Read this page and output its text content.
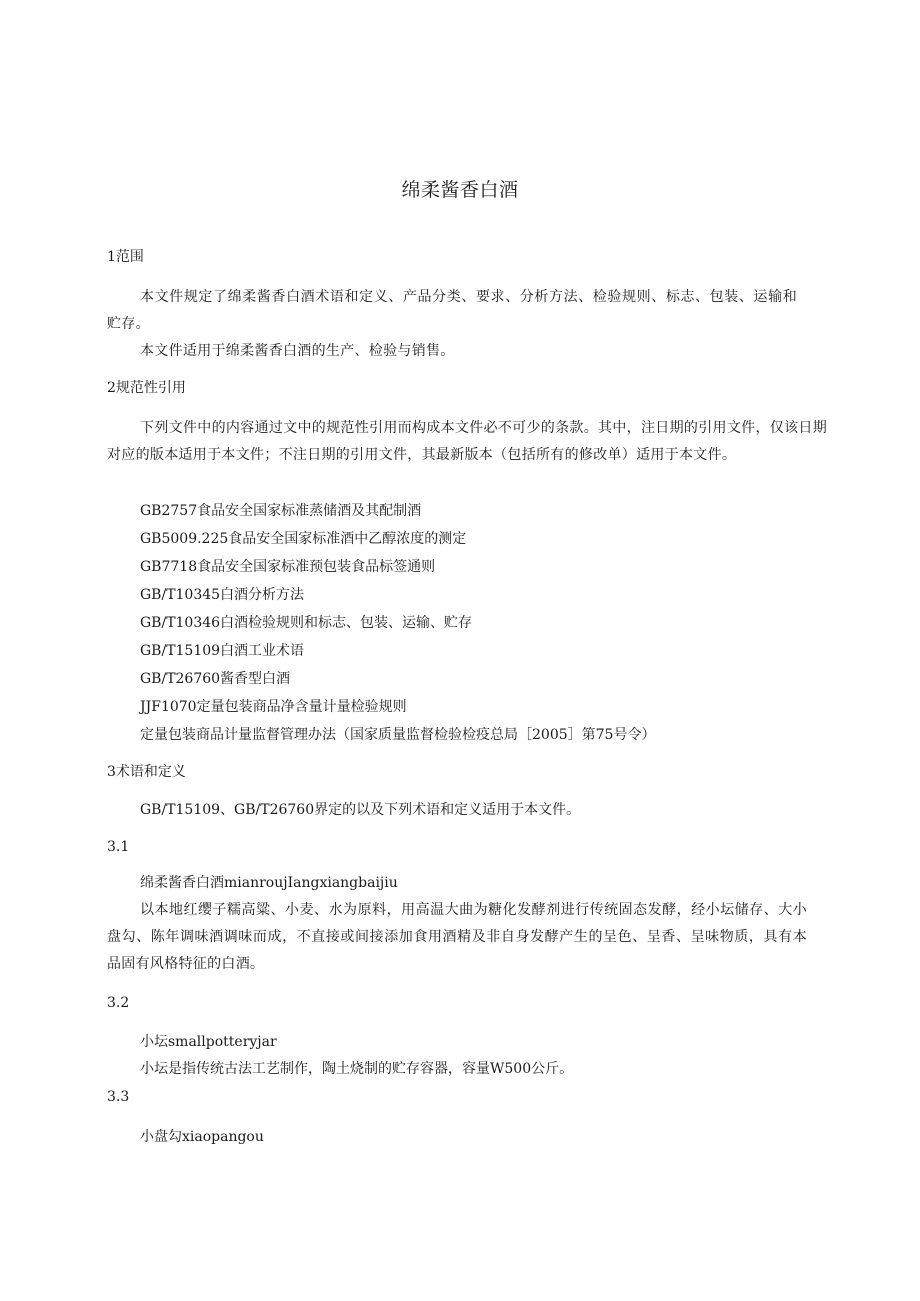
绵柔酱香白酒
1范围
本文件规定了绵柔酱香白酒术语和定义、产品分类、要求、分析方法、检验规则、标志、包装、运输和贮存。
本文件适用于绵柔酱香白酒的生产、检验与销售。
2规范性引用
下列文件中的内容通过文中的规范性引用而构成本文件必不可少的条款。其中，注日期的引用文件，仅该日期对应的版本适用于本文件；不注日期的引用文件，其最新版本（包括所有的修改单）适用于本文件。
GB2757食品安全国家标准蒸储酒及其配制酒
GB5009.225食品安全国家标准酒中乙醇浓度的测定
GB7718食品安全国家标准预包装食品标签通则
GB/T10345白酒分析方法
GB/T10346白酒检验规则和标志、包装、运输、贮存
GB/T15109白酒工业术语
GB/T26760酱香型白酒
JJF1070定量包装商品净含量计量检验规则
定量包装商品计量监督管理办法（国家质量监督检验检疫总局［2005］第75号令）
3术语和定义
GB/T15109、GB/T26760界定的以及下列术语和定义适用于本文件。
3.1
绵柔酱香白酒mianroujIangxiangbaijiu
以本地红缨子糯高粱、小麦、水为原料，用高温大曲为糖化发酵剂进行传统固态发酵，经小坛储存、大小盘勾、陈年调味酒调味而成，不直接或间接添加食用酒精及非自身发酵产生的呈色、呈香、呈味物质，具有本品固有风格特征的白酒。
3.2
小坛smallpotteryjar
小坛是指传统古法工艺制作，陶土烧制的贮存容器，容量W500公斤。
3.3
小盘勾xiaopangou
